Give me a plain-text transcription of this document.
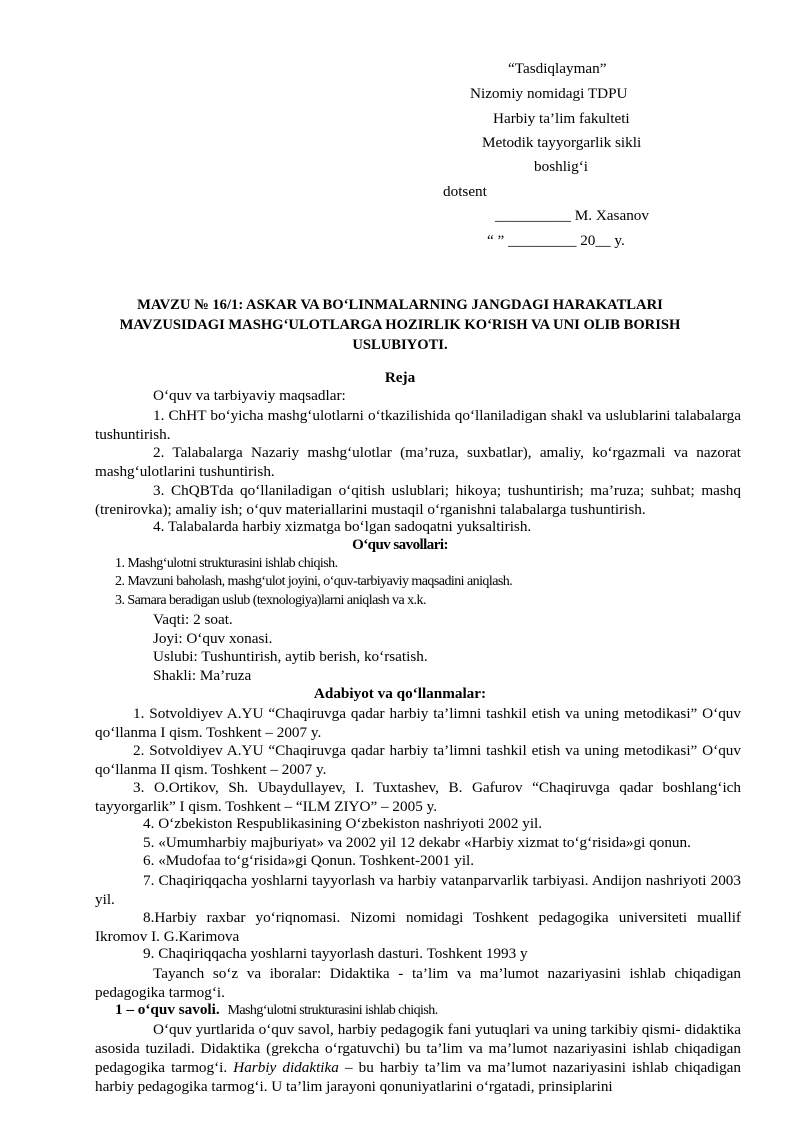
“Tasdiqlayman”
Nizomiy nomidagi TDPU
Harbiy ta’lim fakulteti
Metodik tayyorgarlik sikli
boshlig‘i
dotsent
__________ M. Xasanov
“ ” _________ 20__ y.
MAVZU № 16/1: ASKAR VA BO‘LINMALARNING JANGDAGI HARAKATLARI MAVZUSIDAGI MASHG‘ULOTLARGA HOZIRLIK KO‘RISH VA UNI OLIB BORISH USLUBIYOTI.
Reja
O‘quv va tarbiyaviy maqsadlar:
1. ChHT bo‘yicha mashg‘ulotlarni o‘tkazilishida qo‘llaniladigan shakl va uslublarini talabalarga tushuntirish.
2. Talabalarga Nazariy mashg‘ulotlar (ma’ruza, suxbatlar), amaliy, ko‘rgazmali va nazorat mashg‘ulotlarini tushuntirish.
3. ChQBTda qo‘llaniladigan o‘qitish uslublari; hikoya; tushuntirish; ma’ruza; suhbat; mashq (trenirovka); amaliy ish; o‘quv materiallarini mustaqil o‘rganishni talabalarga tushuntirish.
4. Talabalarda harbiy xizmatga bo‘lgan sadoqatni yuksaltirish.
O‘quv savollari:
1. Mashg‘ulotni strukturasini ishlab chiqish.
2. Mavzuni baholash, mashg‘ulot joyini, o‘quv-tarbiyaviy maqsadini aniqlash.
3. Samara beradigan uslub (texnologiya)larni aniqlash va x.k.
Vaqti: 2 soat.
Joyi: O‘quv xonasi.
Uslubi: Tushuntirish, aytib berish, ko‘rsatish.
Shakli: Ma’ruza
Adabiyot va qo‘llanmalar:
1. Sotvoldiyev A.YU “Chaqiruvga qadar harbiy ta’limni tashkil etish va uning metodikasi” O‘quv qo‘llanma I qism. Toshkent – 2007 y.
2. Sotvoldiyev A.YU “Chaqiruvga qadar harbiy ta’limni tashkil etish va uning metodikasi” O‘quv qo‘llanma II qism. Toshkent – 2007 y.
3. O.Ortikov, Sh. Ubaydullayev, I. Tuxtashev, B. Gafurov “Chaqiruvga qadar boshlang‘ich tayyorgarlik” I qism. Toshkent – “ILM ZIYO” – 2005 y.
4. O‘zbekiston Respublikasining O‘zbekiston nashriyoti 2002 yil.
5. «Umumharbiy majburiyat» va 2002 yil 12 dekabr «Harbiy xizmat to‘g‘risida»gi qonun.
6. «Mudofaa to‘g‘risida»gi Qonun. Toshkent-2001 yil.
7. Chaqiriqqacha yoshlarni tayyorlash va harbiy vatanparvarlik tarbiyasi. Andijon nashriyoti 2003 yil.
8.Harbiy raxbar yo‘riqnomasi. Nizomi nomidagi Toshkent pedagogika universiteti muallif Ikromov I. G.Karimova
9. Chaqiriqqacha yoshlarni tayyorlash dasturi. Toshkent 1993 y
Tayanch so‘z va iboralar: Didaktika - ta’lim va ma’lumot nazariyasini ishlab chiqadigan pedagogika tarmog‘i.
1 – o‘quv savoli. Mashg‘ulotni strukturasini ishlab chiqish.
O‘quv yurtlarida o‘quv savol, harbiy pedagogik fani yutuqlari va uning tarkibiy qismi- didaktika asosida tuziladi. Didaktika (grekcha o‘rgatuvchi) bu ta’lim va ma’lumot nazariyasini ishlab chiqadigan pedagogika tarmog‘i. Harbiy didaktika – bu harbiy ta’lim va ma’lumot nazariyasini ishlab chiqadigan harbiy pedagogika tarmog‘i. U ta’lim jarayoni qonuniyatlarini o‘rgatadi, prinsiplarini
